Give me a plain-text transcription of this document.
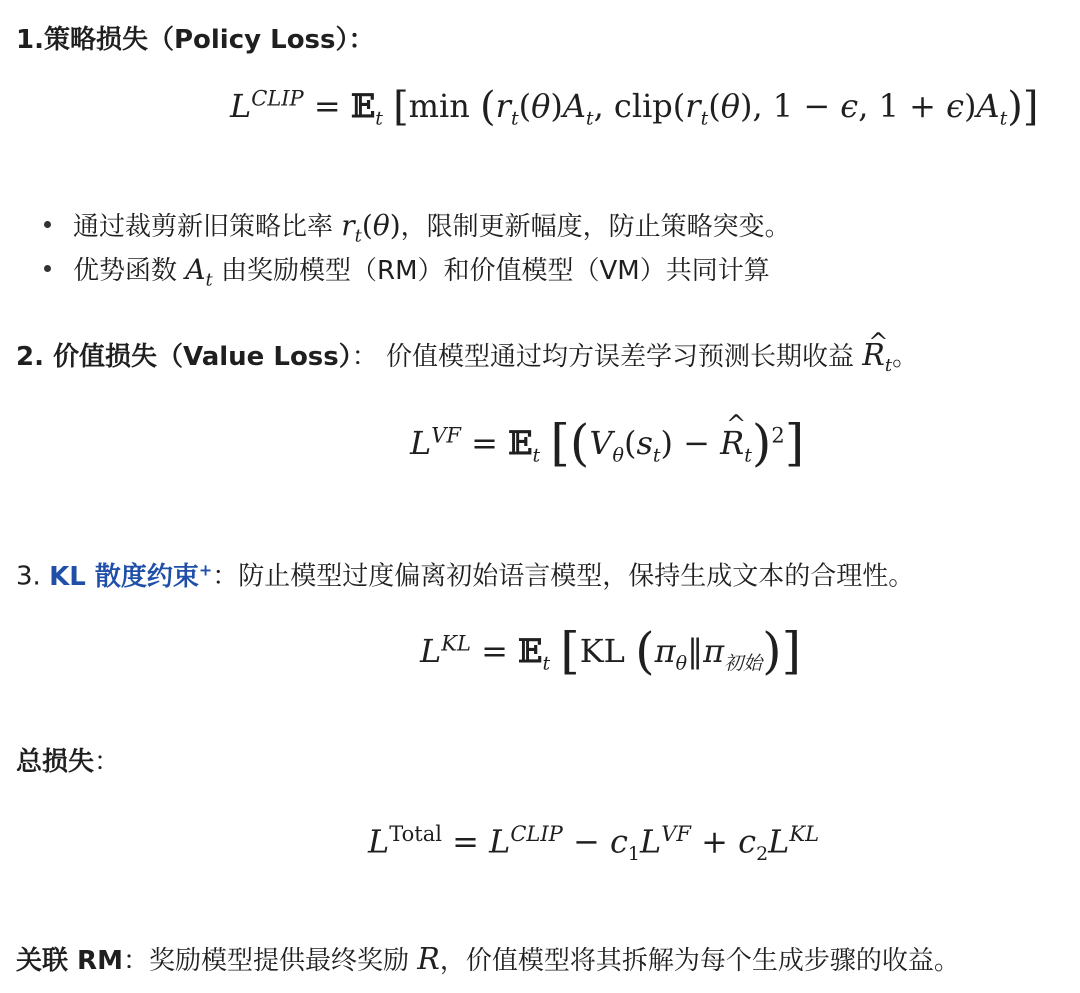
1.策略损失（Policy Loss）：
$L^{CLIP}$ = 𝔼$_t$ [min ($r_t(\theta)A_t$, $clip(r_t(\theta)$, 1 − ϵ, $1 + \epsilon)A_t$)]
通过裁剪新旧策略比率 $r_t(\theta)$，限制更新幅度，防止策略突变。
优势函数 $A_t$ 由奖励模型（RM）和价值模型（VM）共同计算
2. 价值损失（Value Loss）： 价值模型通过均方误差学习预测长期收益 ^ $R_t$。
$L^{VF}$ = 𝔼$_t$ [($V_\theta(s_t)$ − ^ $R_t)^2$]
3. KL 散度约束+：防止模型过度偏离初始语言模型，保持生成文本的合理性。
$L^{KL}$ = 𝔼$_t$ [KL $(\pi_\theta‖\pi_{初始})$]
总损失：
$L^{Total} = L^{CLIP} - c_1L^{VF} + c_2L^{KL}$
关联 RM：奖励模型提供最终奖励 R，价值模型将其拆解为每个生成步骤的收益。
